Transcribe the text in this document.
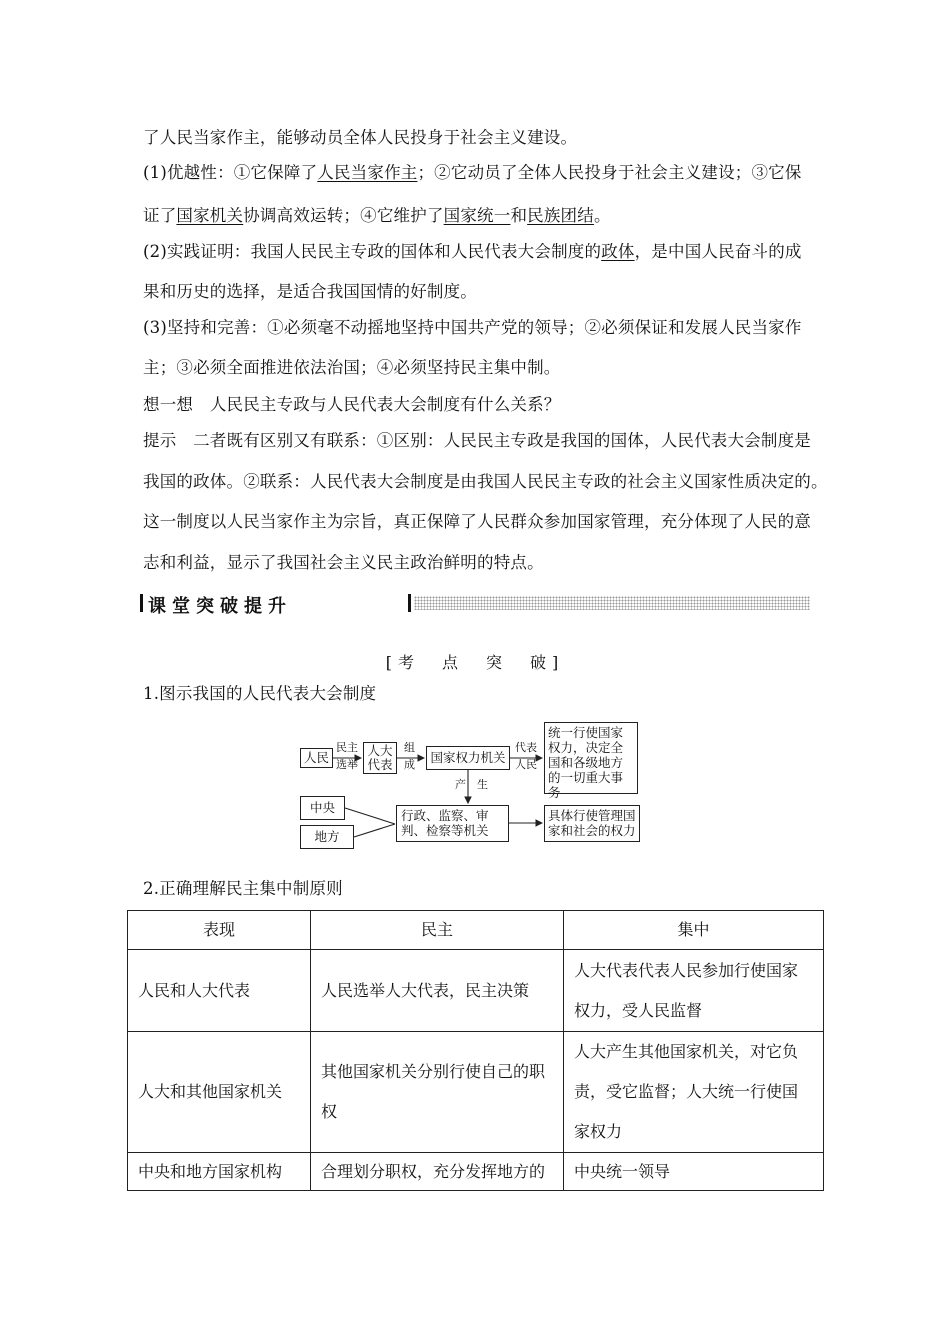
了人民当家作主，能够动员全体人民投身于社会主义建设。
(1)优越性：①它保障了人民当家作主；②它动员了全体人民投身于社会主义建设；③它保
证了国家机关协调高效运转；④它维护了国家统一和民族团结。
(2)实践证明：我国人民民主专政的国体和人民代表大会制度的政体，是中国人民奋斗的成
果和历史的选择，是适合我国国情的好制度。
(3)坚持和完善：①必须毫不动摇地坚持中国共产党的领导；②必须保证和发展人民当家作
主；③必须全面推进依法治国；④必须坚持民主集中制。
想一想　人民民主专政与人民代表大会制度有什么关系？
提示　二者既有区别又有联系：①区别：人民民主专政是我国的国体，人民代表大会制度是
我国的政体。②联系：人民代表大会制度是由我国人民民主专政的社会主义国家性质决定的。
这一制度以人民当家作主为宗旨，真正保障了人民群众参加国家管理，充分体现了人民的意
志和利益，显示了我国社会主义民主政治鲜明的特点。
课堂突破提升
[考　点　突　破]
1.图示我国的人民代表大会制度
人民
民主
选举
人大
代表
组
成	国家权力机关
代表
人民
统一行使国家权力，决定全国和各级地方的一切重大事务
产　生
中央
地方
行政、监察、审判、检察等机关
具体行使管理国家和社会的权力
2.正确理解民主集中制原则
表现	民主	集中
人民和人大代表	人民选举人大代表，民主决策	人大代表代表人民参加行使国家权力，受人民监督
人大和其他国家机关	其他国家机关分别行使自己的职权	人大产生其他国家机关，对它负责，受它监督；人大统一行使国家权力
中央和地方国家机构	合理划分职权，充分发挥地方的	中央统一领导
